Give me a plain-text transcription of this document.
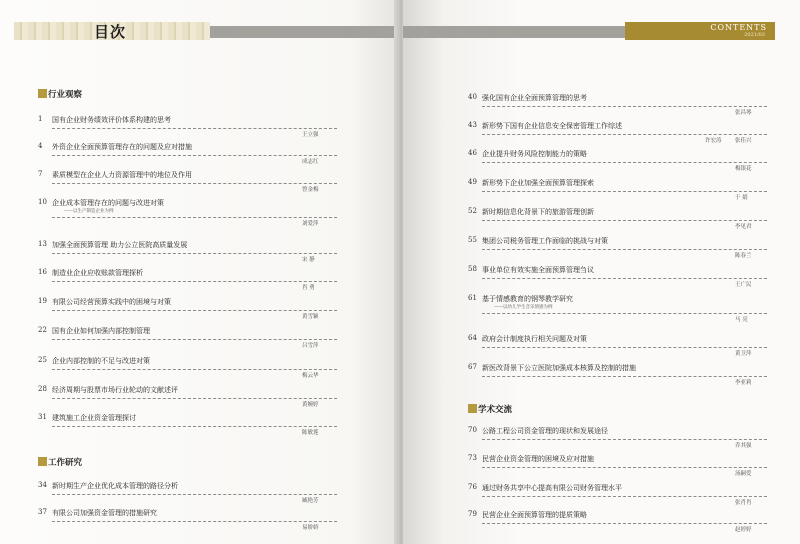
目次
行业观察
1 国有企业财务绩效评价体系构建的思考
王立强
4 外资企业全面预算管理存在的问题及应对措施
成志红
7 素质模型在企业人力资源管理中的地位及作用
曾金梅
10 企业成本管理存在的问题与改进对策
——以生产制造企业为例
刘爱萍
13 加强全面预算管理 助力公立医院高质量发展
宋 静
16 制造业企业应收账款管理探析
肖 勇
19 有限公司经营预算实践中的困境与对策
黄雪颖
22 国有企业如何加强内部控制管理
吕雪萍
25 企业内部控制的不足与改进对策
梅云华
28 经济周期与股票市场行业轮动的文献述评
黄婉婷
31 建筑施工企业资金管理探讨
陈敏莲
工作研究
34 新时期生产企业优化成本管理的路径分析
臧艳芳
37 有限公司加强资金管理的措施研究
易娇娇
CONTENTS
2021/03
40 强化国有企业全面预算管理的思考
张昌琴
43 新形势下国有企业信息安全保密管理工作综述
张佳兴
许宏涛
46 企业提升财务风险控制能力的策略
梅银花
49 新形势下企业加强全面预算管理探索
于 婧
52 新时期信息化背景下的旅游管理创新
李见君
55 集团公司税务管理工作面临的挑战与对策
陈春兰
58 事业单位有效实施全面预算管理刍议
王广民
61 基于情感教育的钢琴教学研究
——以幼儿学生音乐情感为例
马 亮
64 政府会计制度执行相关问题及对策
黄卫萍
67 新医改背景下公立医院加强成本核算及控制的措施
李亚莉
学术交流
70 公路工程公司资金管理的现状和发展途径
乔其强
73 民营企业资金管理的困境及应对措施
汤嗣爱
76 通过财务共享中心提高有限公司财务管理水平
张肖肖
79 民营企业全面预算管理的提质策略
赵婷婷
